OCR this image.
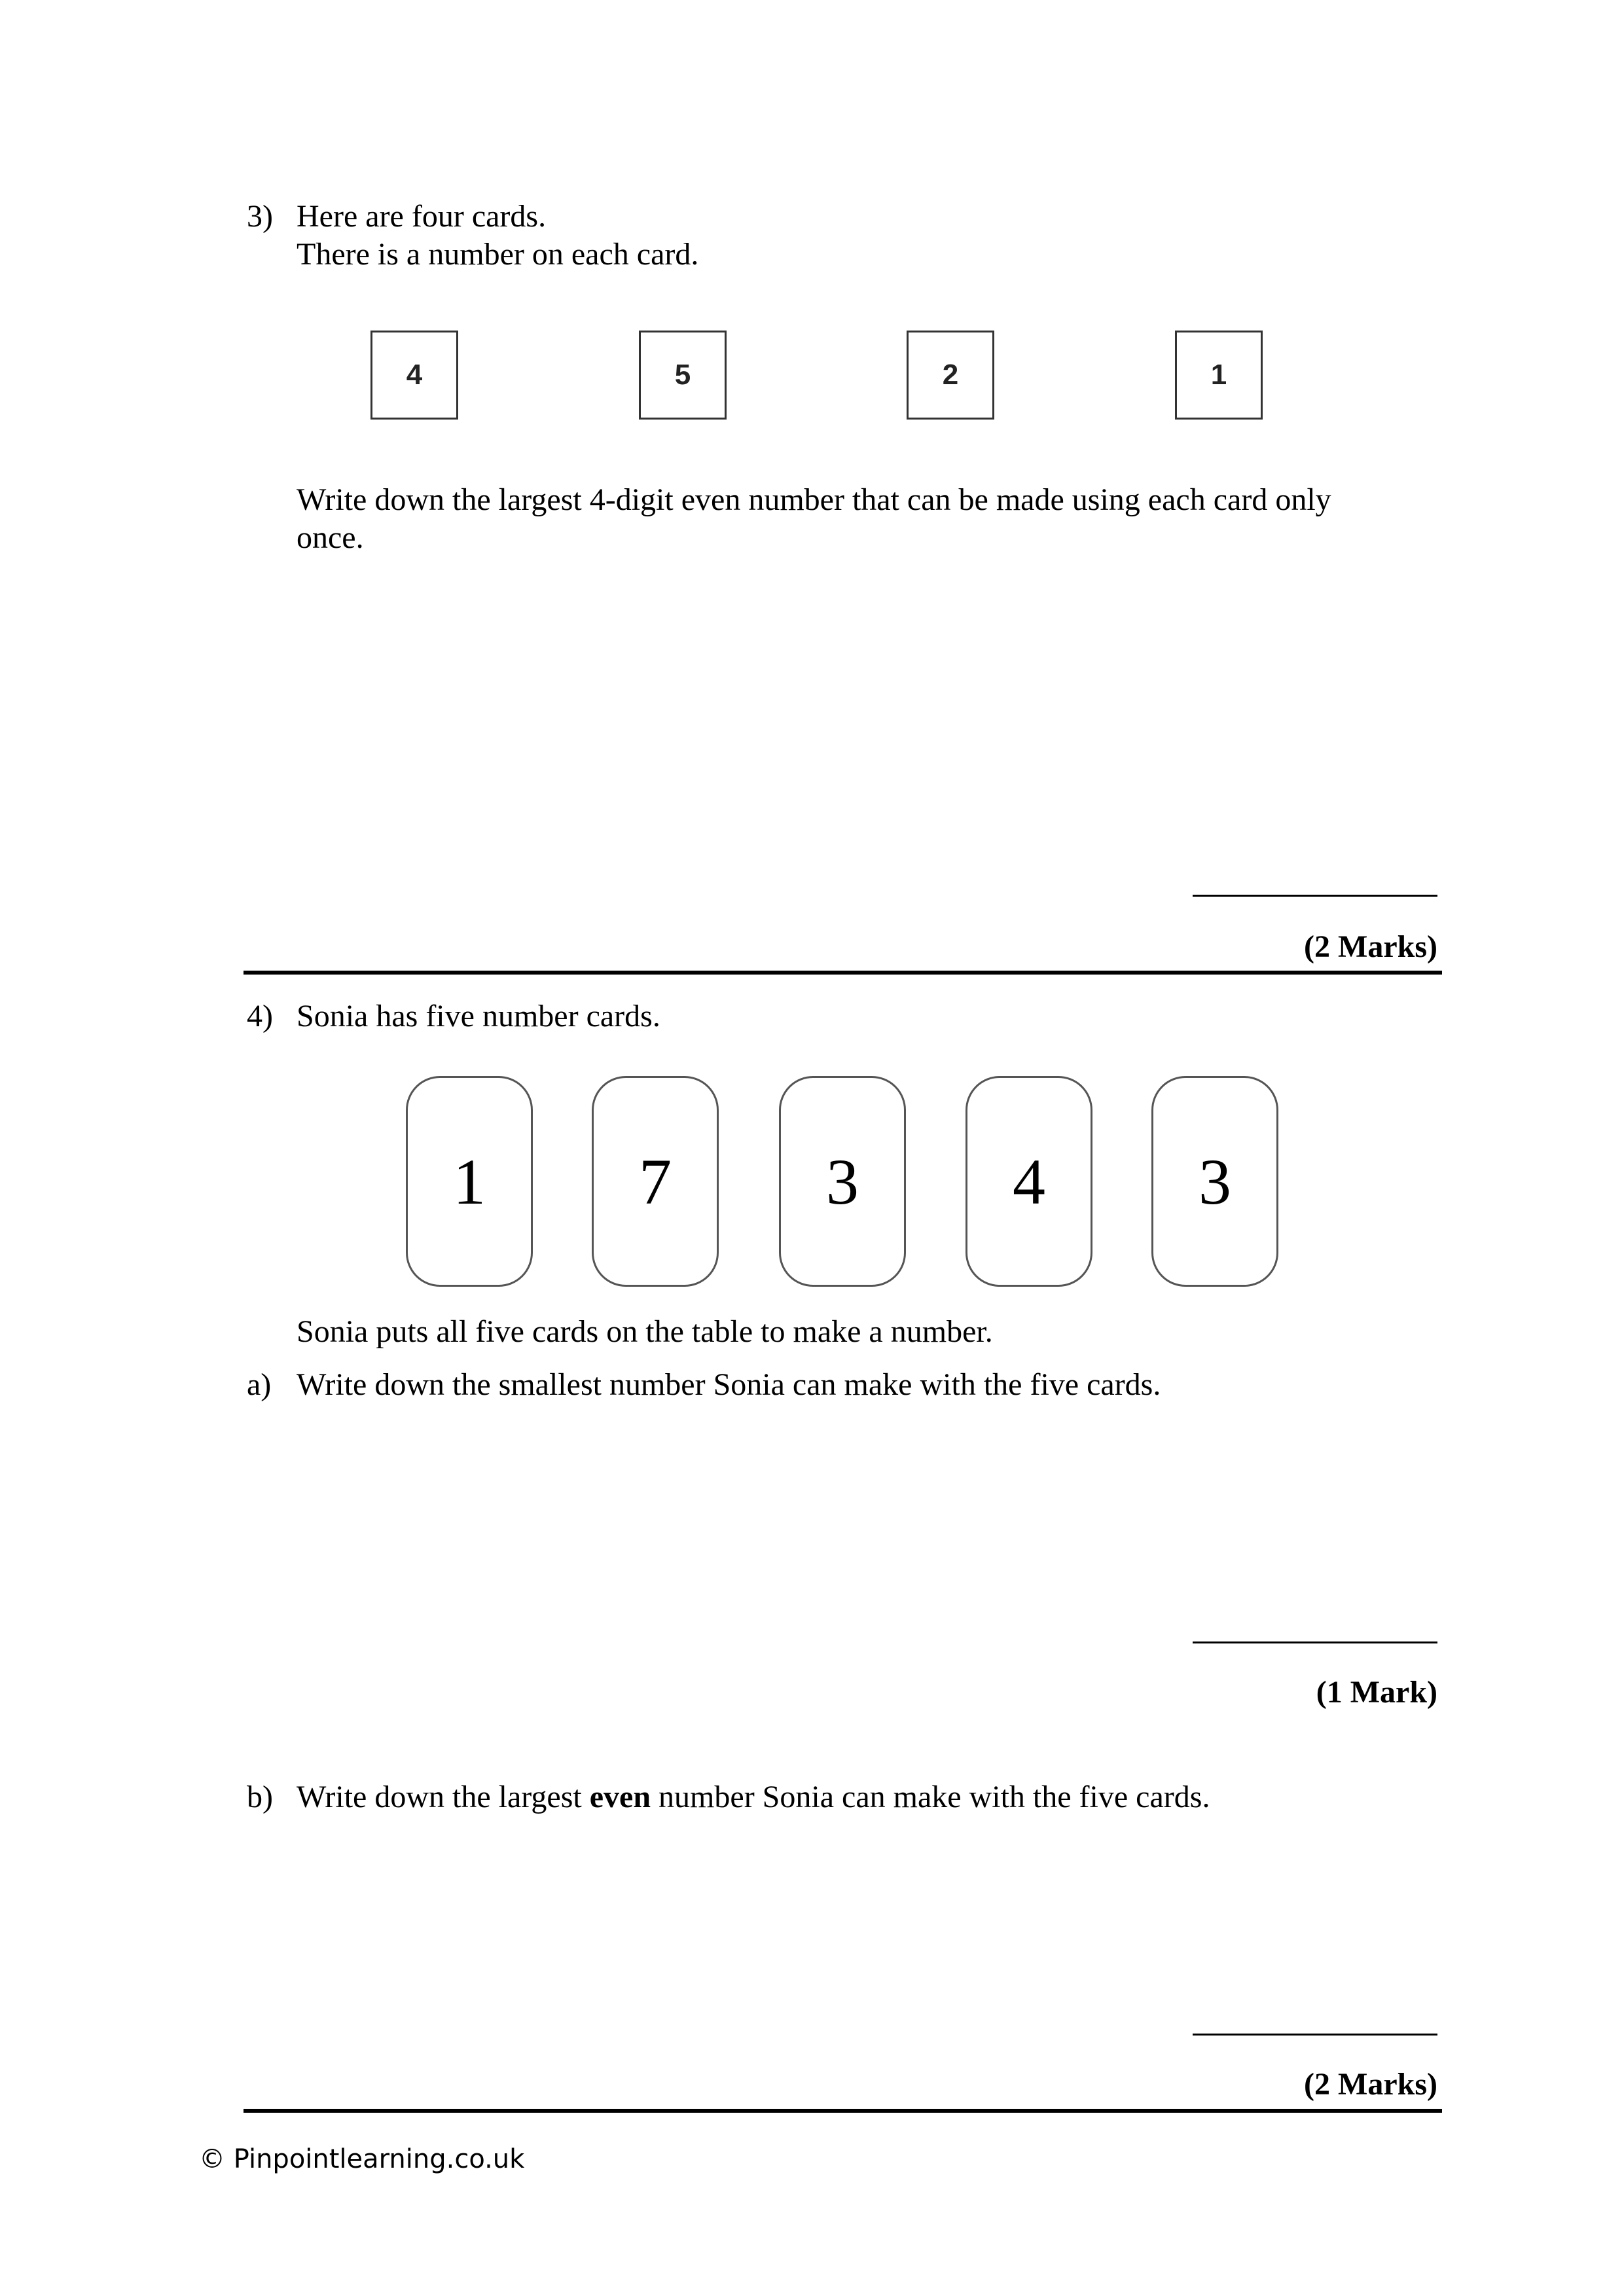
3) Here are four cards.
There is a number on each card.
4	5	2	1
Write down the largest 4-digit even number that can be made using each card only
once.
(2 Marks)
4) Sonia has five number cards.
1	7	3	4	3
Sonia puts all five cards on the table to make a number.
a) Write down the smallest number Sonia can make with the five cards.
(1 Mark)
b) Write down the largest even number Sonia can make with the five cards.
(2 Marks)
© Pinpointlearning.co.uk
